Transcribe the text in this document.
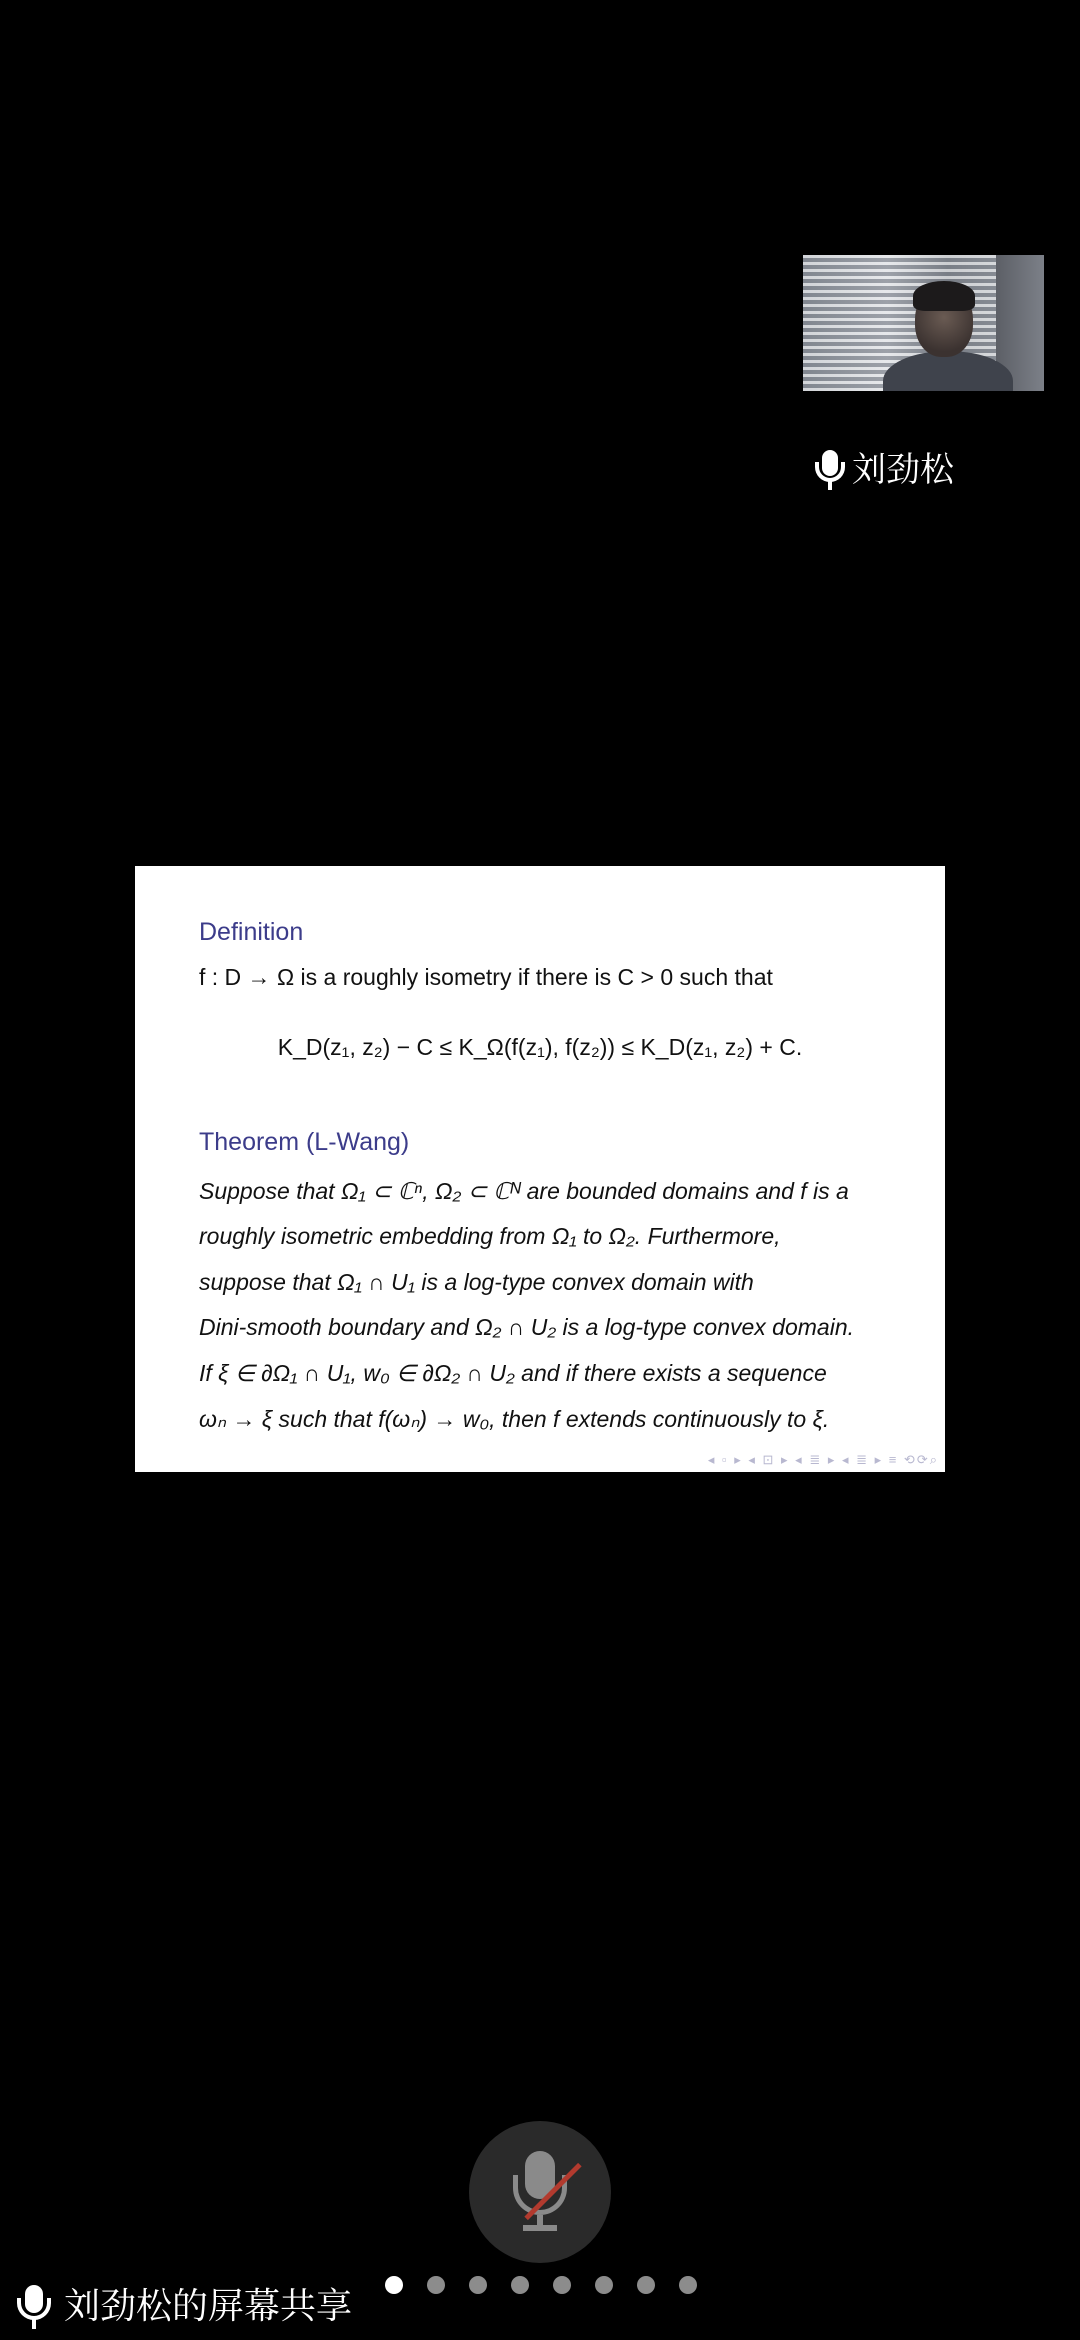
刘劲松
Definition
f : D → Ω is a roughly isometry if there is C > 0 such that
K_D(z₁, z₂) − C ≤ K_Ω(f(z₁), f(z₂)) ≤ K_D(z₁, z₂) + C.
Theorem (L-Wang)
Suppose that Ω₁ ⊂ ℂⁿ, Ω₂ ⊂ ℂᴺ are bounded domains and f is a
roughly isometric embedding from Ω₁ to Ω₂. Furthermore,
suppose that Ω₁ ∩ U₁ is a log-type convex domain with
Dini-smooth boundary and Ω₂ ∩ U₂ is a log-type convex domain.
If ξ ∈ ∂Ω₁ ∩ U₁, w₀ ∈ ∂Ω₂ ∩ U₂ and if there exists a sequence
ωₙ → ξ such that f(ωₙ) → w₀, then f extends continuously to ξ.
◂ ▫ ▸ ◂ ⊡ ▸ ◂ ≣ ▸ ◂ ≣ ▸ ≡ ⟲⟳⌕
刘劲松的屏幕共享
